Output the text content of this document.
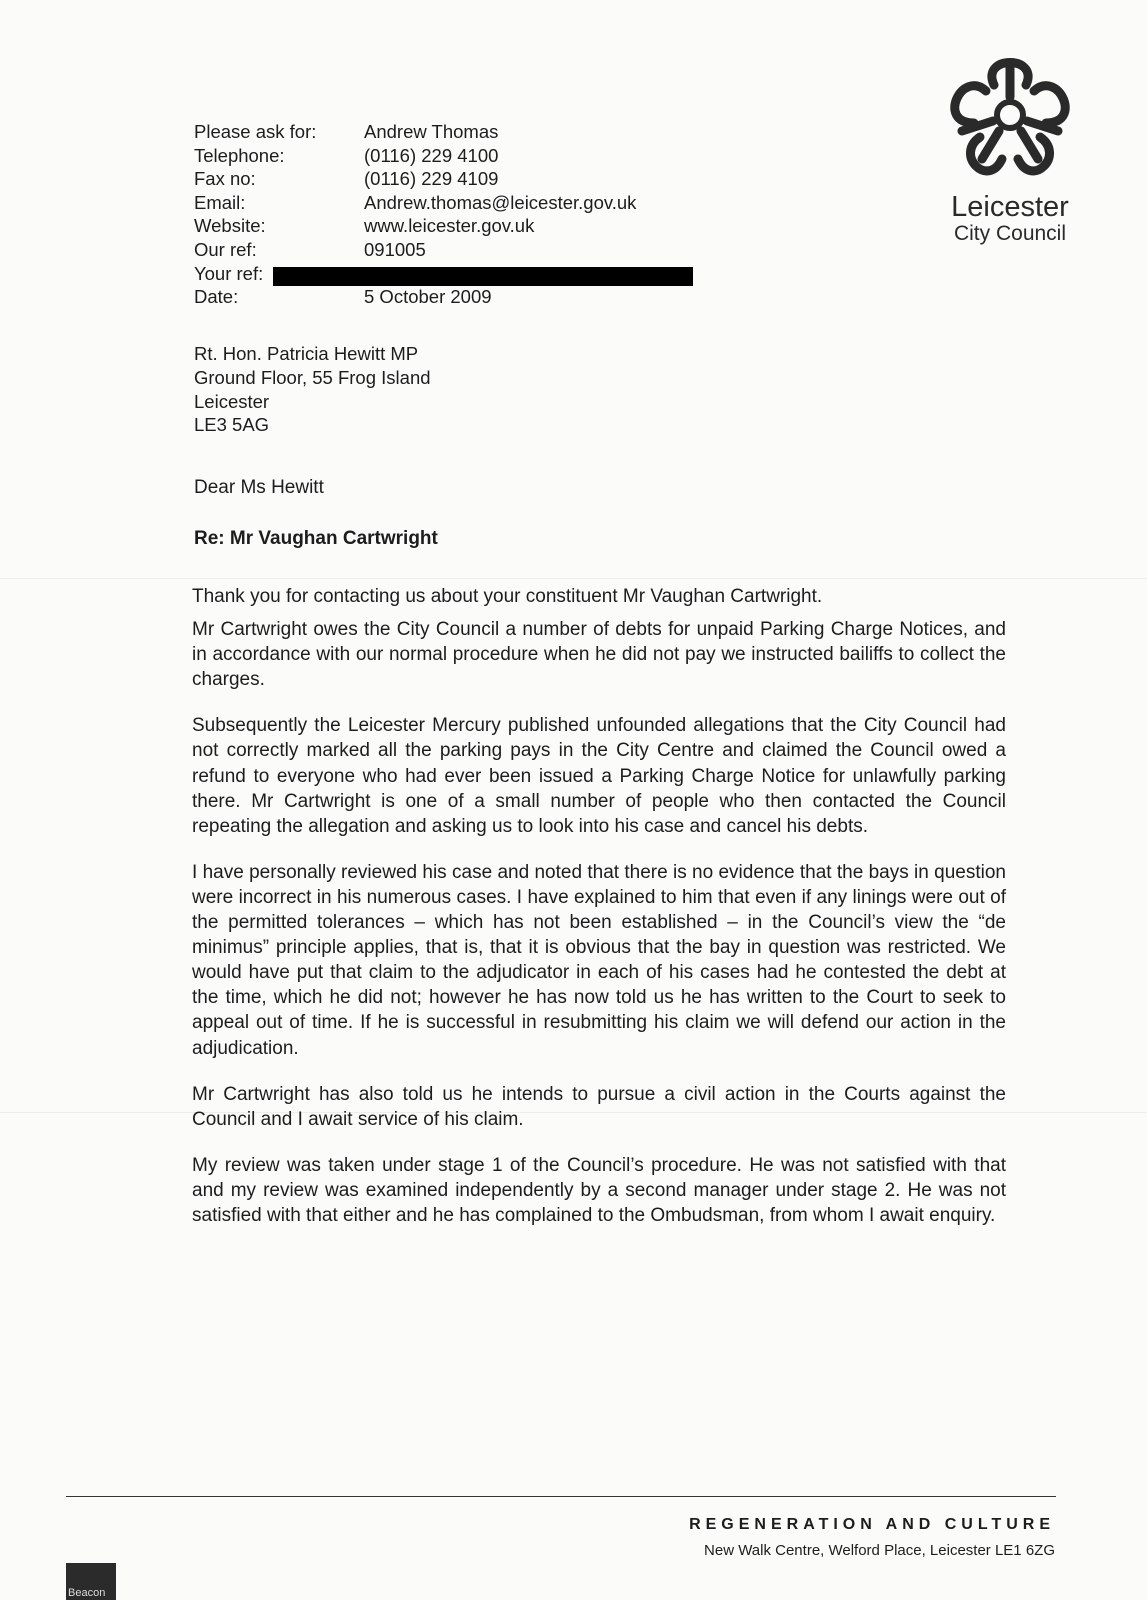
Please ask for:	Andrew Thomas
Telephone:	(0116) 229 4100
Fax no:	(0116) 229 4109
Email:	Andrew.thomas@leicester.gov.uk
Website:	www.leicester.gov.uk
Our ref:	091005
Your ref:
Date:	5 October 2009
Leicester
City Council
Rt. Hon. Patricia Hewitt MP
Ground Floor, 55 Frog Island
Leicester
LE3 5AG
Dear Ms Hewitt
Re: Mr Vaughan Cartwright

Thank you for contacting us about your constituent Mr Vaughan Cartwright.

Mr Cartwright owes the City Council a number of debts for unpaid Parking Charge Notices, and in accordance with our normal procedure when he did not pay we instructed bailiffs to collect the charges.

Subsequently the Leicester Mercury published unfounded allegations that the City Council had not correctly marked all the parking pays in the City Centre and claimed the Council owed a refund to everyone who had ever been issued a Parking Charge Notice for unlawfully parking there. Mr Cartwright is one of a small number of people who then contacted the Council repeating the allegation and asking us to look into his case and cancel his debts.

I have personally reviewed his case and noted that there is no evidence that the bays in question were incorrect in his numerous cases. I have explained to him that even if any linings were out of the permitted tolerances – which has not been established – in the Council’s view the “de minimus” principle applies, that is, that it is obvious that the bay in question was restricted. We would have put that claim to the adjudicator in each of his cases had he contested the debt at the time, which he did not; however he has now told us he has written to the Court to seek to appeal out of time. If he is successful in resubmitting his claim we will defend our action in the adjudication.

Mr Cartwright has also told us he intends to pursue a civil action in the Courts against the Council and I await service of his claim.

My review was taken under stage 1 of the Council’s procedure. He was not satisfied with that and my review was examined independently by a second manager under stage 2. He was not satisfied with that either and he has complained to the Ombudsman, from whom I await enquiry.

REGENERATION AND CULTURE
New Walk Centre, Welford Place, Leicester LE1 6ZG
Beacon
